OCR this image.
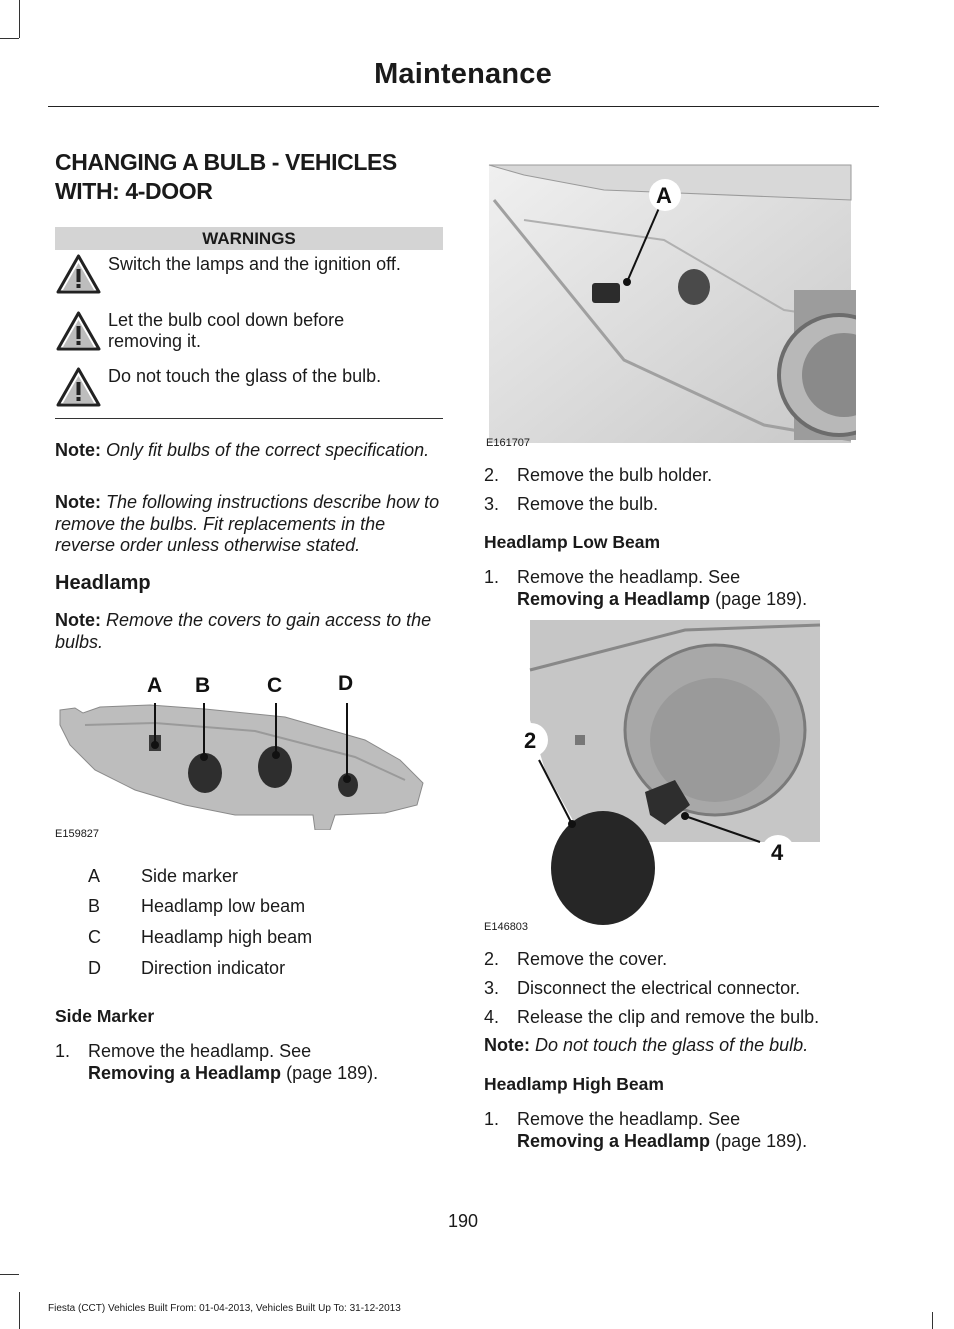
Maintenance
CHANGING A BULB - VEHICLES
WITH: 4-DOOR
WARNINGS
Switch the lamps and the ignition off.
Let the bulb cool down before removing it.
Do not touch the glass of the bulb.
Note: Only fit bulbs of the correct specification.
Note: The following instructions describe how to remove the bulbs. Fit replacements in the reverse order unless otherwise stated.
Headlamp
Note: Remove the covers to gain access to the bulbs.
A B	C	D
E159827
A Side marker
B Headlamp low beam
C Headlamp high beam
D Direction indicator
Side Marker
1. Remove the headlamp. See
Removing a Headlamp (page 189).
A
E161707
2. Remove the bulb holder.
3. Remove the bulb.
Headlamp Low Beam
1. Remove the headlamp. See
Removing a Headlamp (page 189).
2
4
E146803
2. Remove the cover.
3. Disconnect the electrical connector.
4. Release the clip and remove the bulb.
Note: Do not touch the glass of the bulb.
Headlamp High Beam
1. Remove the headlamp. See
Removing a Headlamp (page 189).
190
Fiesta (CCT) Vehicles Built From: 01-04-2013, Vehicles Built Up To: 31-12-2013
